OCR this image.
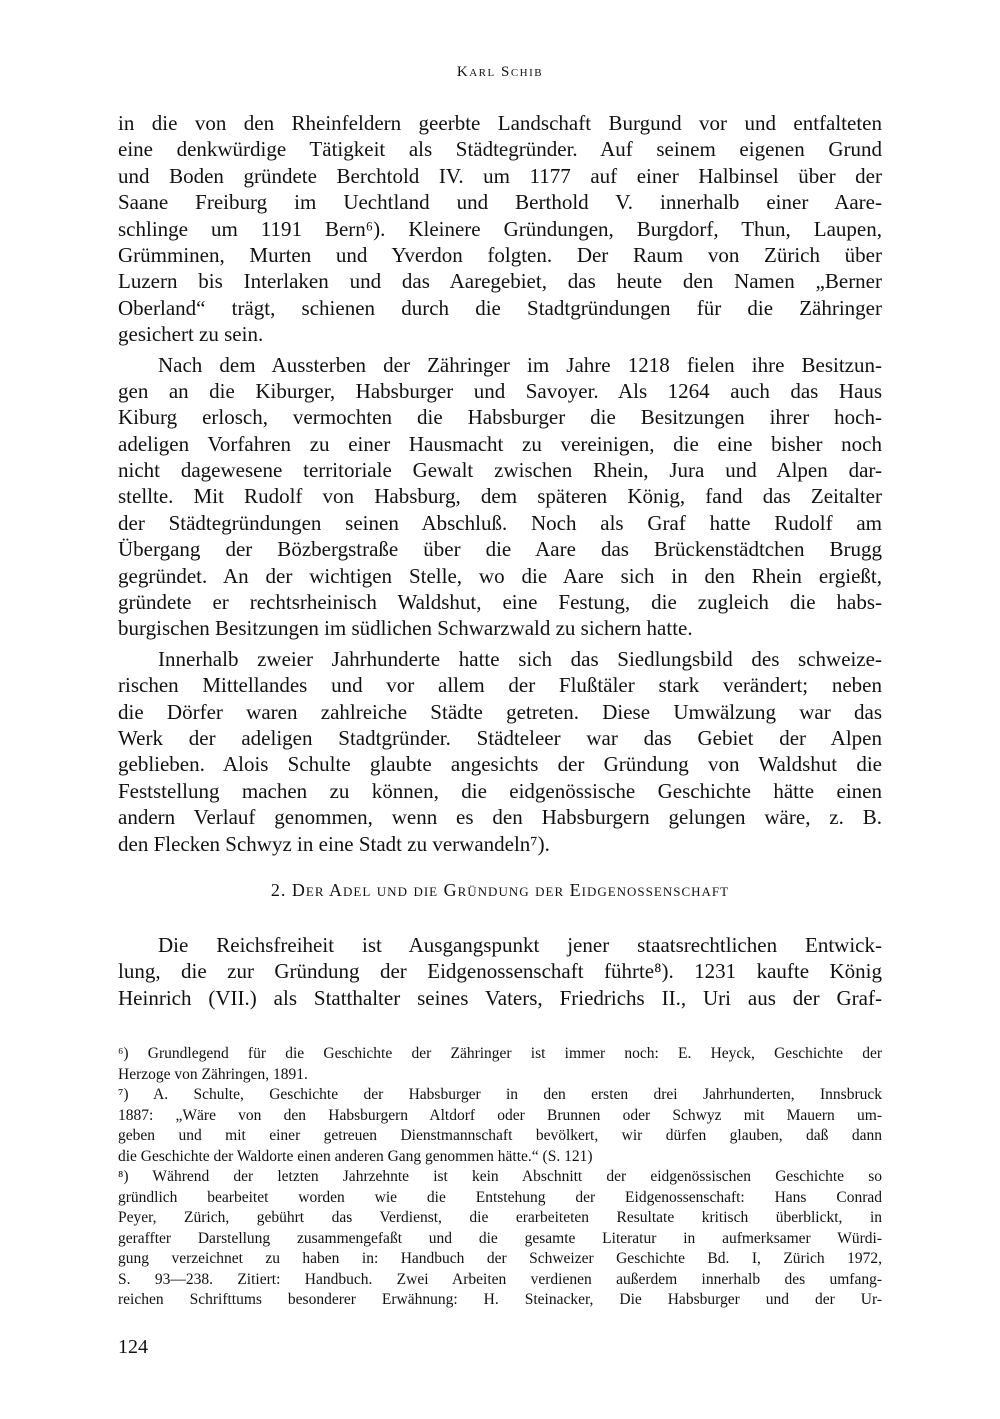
Karl Schib
in die von den Rheinfeldern geerbte Landschaft Burgund vor und entfalteten
eine denkwürdige Tätigkeit als Städtegründer. Auf seinem eigenen Grund
und Boden gründete Berchtold IV. um 1177 auf einer Halbinsel über der
Saane Freiburg im Uechtland und Berthold V. innerhalb einer Aare-
schlinge um 1191 Bern⁶). Kleinere Gründungen, Burgdorf, Thun, Laupen,
Grümminen, Murten und Yverdon folgten. Der Raum von Zürich über
Luzern bis Interlaken und das Aaregebiet, das heute den Namen „Berner
Oberland“ trägt, schienen durch die Stadtgründungen für die Zähringer
gesichert zu sein.
Nach dem Aussterben der Zähringer im Jahre 1218 fielen ihre Besitzun-
gen an die Kiburger, Habsburger und Savoyer. Als 1264 auch das Haus
Kiburg erlosch, vermochten die Habsburger die Besitzungen ihrer hoch-
adeligen Vorfahren zu einer Hausmacht zu vereinigen, die eine bisher noch
nicht dagewesene territoriale Gewalt zwischen Rhein, Jura und Alpen dar-
stellte. Mit Rudolf von Habsburg, dem späteren König, fand das Zeitalter
der Städtegründungen seinen Abschluß. Noch als Graf hatte Rudolf am
Übergang der Bözbergstraße über die Aare das Brückenstädtchen Brugg
gegründet. An der wichtigen Stelle, wo die Aare sich in den Rhein ergießt,
gründete er rechtsrheinisch Waldshut, eine Festung, die zugleich die habs-
burgischen Besitzungen im südlichen Schwarzwald zu sichern hatte.
Innerhalb zweier Jahrhunderte hatte sich das Siedlungsbild des schweize-
rischen Mittellandes und vor allem der Flußtäler stark verändert; neben
die Dörfer waren zahlreiche Städte getreten. Diese Umwälzung war das
Werk der adeligen Stadtgründer. Städteleer war das Gebiet der Alpen
geblieben. Alois Schulte glaubte angesichts der Gründung von Waldshut die
Feststellung machen zu können, die eidgenössische Geschichte hätte einen
andern Verlauf genommen, wenn es den Habsburgern gelungen wäre, z. B.
den Flecken Schwyz in eine Stadt zu verwandeln⁷).
2. Der Adel und die Gründung der Eidgenossenschaft
Die Reichsfreiheit ist Ausgangspunkt jener staatsrechtlichen Entwick-
lung, die zur Gründung der Eidgenossenschaft führte⁸). 1231 kaufte König
Heinrich (VII.) als Statthalter seines Vaters, Friedrichs II., Uri aus der Graf-
⁶) Grundlegend für die Geschichte der Zähringer ist immer noch: E. Heyck, Geschichte der
Herzoge von Zähringen, 1891.
⁷) A. Schulte, Geschichte der Habsburger in den ersten drei Jahrhunderten, Innsbruck
1887: „Wäre von den Habsburgern Altdorf oder Brunnen oder Schwyz mit Mauern um-
geben und mit einer getreuen Dienstmannschaft bevölkert, wir dürfen glauben, daß dann
die Geschichte der Waldorte einen anderen Gang genommen hätte.“ (S. 121)
⁸) Während der letzten Jahrzehnte ist kein Abschnitt der eidgenössischen Geschichte so
gründlich bearbeitet worden wie die Entstehung der Eidgenossenschaft: Hans Conrad
Peyer, Zürich, gebührt das Verdienst, die erarbeiteten Resultate kritisch überblickt, in
geraffter Darstellung zusammengefaßt und die gesamte Literatur in aufmerksamer Würdi-
gung verzeichnet zu haben in: Handbuch der Schweizer Geschichte Bd. I, Zürich 1972,
S. 93—238. Zitiert: Handbuch. Zwei Arbeiten verdienen außerdem innerhalb des umfang-
reichen Schrifttums besonderer Erwähnung: H. Steinacker, Die Habsburger und der Ur-
124
